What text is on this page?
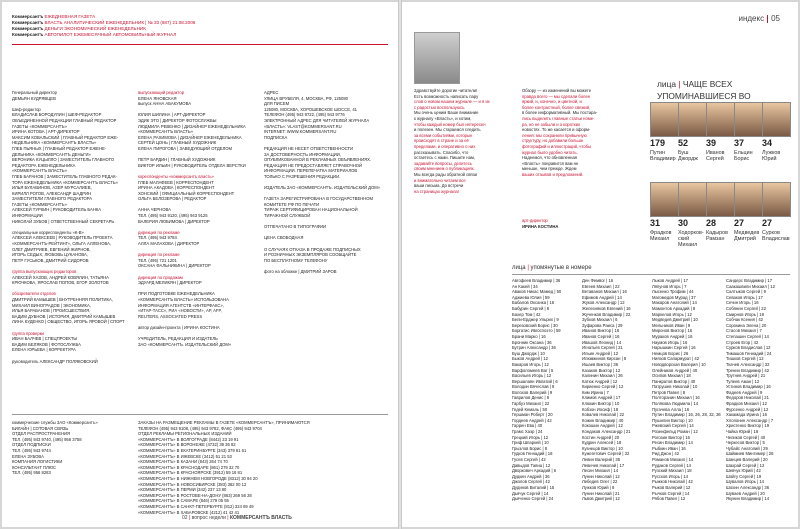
Коммерсантъ ЕЖЕДНЕВНАЯ ГАЗЕТА
Коммерсантъ ВЛАСТЬ АНАЛИТИЧЕСКИЙ ЕЖЕНЕДЕЛЬНИК | № 33 (687) 21.08.2006
Коммерсантъ ДЕНЬГИ ЭКОНОМИЧЕСКИЙ ЕЖЕНЕДЕЛЬНИК
Коммерсантъ АВТОПИЛОТ ЕЖЕМЕСЯЧНЫЙ АВТОМОБИЛЬНЫЙ ЖУРНАЛ
Генеральный директор
ДЕМЬЯН КУДРЯВЦЕВ

Шеф-редактор
ВЛАДИСЛАВ БОРОДУЛИН | ШЕФ-РЕДАКТОР
ОБЪЕДИНЕННОЙ РЕДАКЦИИ ГЛАВНЫЙ РЕДАКТОР
ГАЗЕТЫ «КОММЕРСАНТЪ»
ИРИНА КОТОВА | АРТ-ДИРЕКТОР
МАКСИМ КОВАЛЬСКИЙ | ГЛАВНЫЙ РЕДАКТОР ЕЖЕ-
НЕДЕЛЬНИКА «КОММЕРСАНТЪ ВЛАСТЬ»
ГЛЕБ ПЬЯНЫХ | ГЛАВНЫЙ РЕДАКТОР ЕЖЕНЕ-
ДЕЛЬНИКА «КОММЕРСАНТЪ ДЕНЬГИ»
ВЕРОНИКА КУЦЫЛЛО | ЗАМЕСТИТЕЛЬ ГЛАВНОГО
РЕДАКТОРА ЕЖЕНЕДЕЛЬНИКА
«КОММЕРСАНТЪ ВЛАСТЬ»
ГЛЕБ БАРАНОВ | ЗАМЕСТИТЕЛЬ ГЛАВНОГО РЕДАК-
ТОРА ЕЖЕНЕДЕЛЬНИКА «КОММЕРСАНТЪ ВЛАСТЬ»
ИЛЬЯ БУЛАВИНОВ, АЗЕР МУРСАЛИЕВ,
КИРИЛЛ РОГОВ, АЛЕКСАНДР ШАДРИН
ЗАМЕСТИТЕЛИ ГЛАВНОГО РЕДАКТОРА
ГАЗЕТЫ «КОММЕРСАНТЪ»
АЛЕКСЕЙ ТУРКИН | РУКОВОДИТЕЛЬ БАНКА
ИНФОРМАЦИИ
НИКОЛАЙ ЗУБОВ | ОТВЕТСТВЕННЫЙ СЕКРЕТАРЬ

специальные корреспонденты «К-В»
АЛЕКСЕЙ АЛЕКСЕЕВ | РУКОВОДИТЕЛЬ ПРОЕКТА
«КОММЕРСАНТЪ-РЕЙТИНГ», ОЛЬГА АЛЛЕНОВА,
ОЛЕГ ДМИТРИЕВ, ЕВГЕНИЙ ЖИРНОВ,
ИГОРЬ СЕДЫХ, ЛЮБОВЬ ЦУКАНОВА,
ПЕТР ГУСЬКОВ, ДМИТРИЙ СИДОРОВ

группа выпускающих редакторов
АЛЕКСЕЙ ХАЗОВ, АНДРЕЙ КОВЯЛИН, ТАТЬЯНА
КРЮЧКОВА, ЯРОСЛАВ ПОПОВ, ЕГОР ЗОЛОТОВ

обозреватели отделов
ДМИТРИЙ КАМЫШЕВ | ВНУТРЕННЯЯ ПОЛИТИКА,
МИХАИЛ ВИНОГРАДОВ | ЭКОНОМИКА,
ИЛЬЯ БАРАБАНОВ | ПРОИСШЕСТВИЯ,
ВАДИМ ДУБНОВ | ИСТОРИЯ, ДМИТРИЙ КАМЫШЕВ
ЛИНА КУДЕНКО | ОБЩЕСТВО, ИГОРЬ ЯРОВОЙ | СПОРТ

группа проверки
ИВАН БАЛЧЕВ | СПЕЦПРОЕКТЫ
ВАДИМ БЕЛЯКОВ | ФОТОСЛУЖБА
ЕЛЕНА ЮРЬЕВА | КОРРЕКТУРА

руководитель АЛЕКСАНДР ПОЛЯКОВСКИЙ
выпускающий редактор
ЕЛЕНА ЯНОВСКАЯ
выпуск АННА АБАКУМОВА

ЮЛИЯ ШИЛИНА | АРТ-ДИРЕКТОР
ЭДИК ЭТО | ДИРЕКТОР ФОТОСЛУЖБЫ
ЛЮДМИЛА РЕВЕНКО | ДИЗАЙНЕР ЕЖЕНЕДЕЛЬНИКА
«КОММЕРСАНТЪ ВЛАСТЬ»
ЕЛЕНА РАХИМОВА | ДИЗАЙНЕР ЕЖЕНЕДЕЛЬНИКА
СЕРГЕЙ ЦОНЬ | ГЛАВНЫЙ ХУДОЖНИК
ЕЛЕНА ПИРОГОВА | ЗАВЕДУЮЩИЙ ОТДЕЛОМ

ПЕТР БАРДИН | ГЛАВНЫЙ ХУДОЖНИК
ВИКТОР ИЛЬИН | РУКОВОДИТЕЛЬ ОТДЕЛА ВЕРСТКИ

кореспонденты «коммерсантъ власть»
ГЛЕБ МАЛАФЕЕВ | КОРРЕСПОНДЕНТ
ИРИНА АКАДОВА | КОРРЕСПОНДЕНТ
ХОНСКИЙ | ОФИЦИАЛЬНЫЙ КОРРЕСПОНДЕНТ
ОЛЬГА БЕЛОЗЕРОВА | РЕДАКТОР

АННА ЧЕРНОВА
ТЕЛ. (495) 943 9120, (495) 943 9125
ВАЛЕРИЯ ЛЮБИМОВА | ДИРЕКТОР

дирекция по рекламе
ТЕЛ. (495) 943 9784
АЛЛА МАЛАХОВА | ДИРЕКТОР

дирекция по рекламе
ТЕЛ. (495) 721 1201
ОКСАНА ФАЛЬНИКИНА | ДИРЕКТОР

дирекция по продажам
ЭДУАРД МЕЛИКЯН | ДИРЕКТОР

ПРИ ПОДГОТОВКЕ ЕЖЕНЕДЕЛЬНИКА
«КОММЕРСАНТЪ ВЛАСТЬ» ИСПОЛЬЗОВАНА
ИНФОРМАЦИЯ АГЕНТСТВ «ИНТЕРФАКС»,
«ИТАР-ТАСС», РИА «НОВОСТИ», AP, AFP,
REUTERS, ASSOCIATED PRESS

автор дизайн-проекта | ИРИНА КОСТИНА

УЧРЕДИТЕЛЬ, РЕДАКЦИЯ И ИЗДАТЕЛЬ
ЗАО «КОММЕРСАНТЪ. ИЗДАТЕЛЬСКИЙ ДОМ»
АДРЕС
УЛИЦА ВРУБЕЛЯ, 4, МОСКВА, РФ, 125080
ДЛЯ ПИСЕМ
125080, МОСКВА, ХОРОШЕВСКОЕ ШОССЕ, 41
ТЕЛЕФОН (495) 943 9722, (495) 943 9776
ЭЛЕКТРОННЫЙ АДРЕС ДЛЯ ЧИТАТЕЛЕЙ ЖУРНАЛА
«ВЛАСТЬ»: VLAST@KOMMERSANT.RU
INTERNET: WWW.KOMMERSANT.RU
ПОДПИСКА

РЕДАКЦИЯ НЕ НЕСЕТ ОТВЕТСТВЕННОСТИ
ЗА ДОСТОВЕРНОСТЬ ИНФОРМАЦИИ,
ОПУБЛИКОВАННОЙ В РЕКЛАМНЫХ ОБЪЯВЛЕНИЯХ.
РЕДАКЦИЯ НЕ ПРЕДОСТАВЛЯЕТ СПРАВОЧНОЙ
ИНФОРМАЦИИ. ПЕРЕПЕЧАТКА МАТЕРИАЛОВ
ТОЛЬКО С РАЗРЕШЕНИЯ РЕДАКЦИИ.

ИЗДАТЕЛЬ ЗАО «КОММЕРСАНТЪ. ИЗДАТЕЛЬСКИЙ ДОМ»

ГАЗЕТА ЗАРЕГИСТРИРОВАНА В ГОСУДАРСТВЕННОМ
КОМИТЕТЕ РФ ПО ПЕЧАТИ
ТИРАЖ СЕРТИФИЦИРОВАН НАЦИОНАЛЬНОЙ
ТИРАЖНОЙ СЛУЖБОЙ

ОТПЕЧАТАНО В ТИПОГРАФИИ

ЦЕНА СВОБОДНАЯ

О СЛУЧАЯХ ОТКАЗА В ПРОДАЖЕ ПОДПИСНЫХ
И РОЗНИЧНЫХ ЭКЗЕМПЛЯРОВ СООБЩАЙТЕ
ПО БЕСПЛАТНОМУ ТЕЛЕФОНУ

фото на обложке | ДМИТРИЙ ЗАРОВ
коммерческие службы ЗАО «Коммерсантъ»
БИЛАЙН | СОТОВАЯ СВЯЗЬ
ОТДЕЛ РАСПРОСТРАНЕНИЯ
ТЕЛ. (495) 943 9740, (495) 956 3758
ОТДЕЛ ПОДПИСКИ
ТЕЛ. (495) 943 9744
ЕЛЕНА ЗУБОВА
КОМПАНИЯ ЛОГИСТИКИ
КОНСУЛЬТАНТ ПЛЮС
ТЕЛ. (495) 956 8283
ЗАКАЗЫ НА РАЗМЕЩЕНИЕ РЕКЛАМЫ В ГАЗЕТЕ «КОММЕРСАНТЪ», ПРИНИМАЮТСЯ
ТЕЛЕФОН (495) 943 9108, (495) 943 9782, ФАКС (495) 943 9704
ОТДЕЛ РЕКЛАМЫ РЕГИОНАЛЬНЫХ ИЗДАНИЙ
«КОММЕРСАНТЪ» В ВОЛГОГРАДЕ (8442) 23 19 91
«КОММЕРСАНТЪ» В ВОРОНЕЖЕ (4732) 39 36 82
«КОММЕРСАНТЪ» В ЕКАТЕРИНБУРГЕ (343) 379 61 61
«КОММЕРСАНТЪ» В ИЖЕВСКЕ (3412) 51 21 53
«КОММЕРСАНТЪ» В КАЗАНИ (843) 264 74 70
«КОММЕРСАНТЪ» В КРАСНОДАРЕ (861) 279 32 70
«КОММЕРСАНТЪ» В КРАСНОЯРСКЕ (3912) 59 16 81
«КОММЕРСАНТЪ» В НИЖНЕМ НОВГОРОДЕ (8312) 30 94 20
«КОММЕРСАНТЪ» В НОВОСИБИРСКЕ (383) 362 00 12
«КОММЕРСАНТЪ» В ПЕРМИ (342) 237 13 80
«КОММЕРСАНТЪ» В РОСТОВЕ-НА-ДОНУ (863) 269 56 28
«КОММЕРСАНТЪ» В САМАРЕ (846) 279 05 55
«КОММЕРСАНТЪ» В САНКТ-ПЕТЕРБУРГЕ (812) 324 69 49
«КОММЕРСАНТЪ» В ХАБАРОВСКЕ (4212) 41 42 41
02 | вопрос недели | КОММЕРСАНТЪ ВЛАСТЬ
индекс 05
Здравствуйте дорогие читатели!
Есть возможность написать пару
слов о новом нашем журнале — и я их
с радостью воспользуюсь.
Мы очень ценим Ваше внимание
к журналу «Власть», и хотим,
чтобы каждый номер был интересен
и полезен. Мы стараемся следить
за всеми событиями, которые
происходят в стране и за её
пределами, и оперативно о них
рассказывать. Спасибо, что
остаетесь с нами. Пишите нам,
задавайте вопросы, делитесь
своим мнением о публикациях.
Мы всегда рады обратной связи
и внимательно читаем все
ваши письма. До встречи
на страницах журнала!
Обзору — из изменений вы можете
правда всего — мы сделали более
яркий, и, конечно, и цветной, и
более контрастный, более свежий,
в более информативный. Мы постара-
лись выделить главные статьи номе-
ра, но не забыли и о коротких
новостях. То же касается и оформ-
ления: мы сохранили привычную
структуру, но добавили больше
фотографий и иллюстраций, чтобы
журнал было удобно читать.
Надеемся, что обновленная
«Власть» понравится вам не
меньше, чем прежде. Ждем
ваших отзывов и предложений.
арт-директор
ИРИНА КОСТИНА
лица | ЧАЩЕ ВСЕХ УПОМИНАВШИЕСЯ ВО
179
Путин Владимир
52
Буш Джордж
39
Иванов Сергей
37
Ельцин Борис
34
Лужков Юрий
31
Фрадков Михаил
30
Ходорков-ский Михаил
28
Кадыров Рамзан
27
Медведев Дмитрий
27
Сурков Владислав
лица | упомянутые в номере
Авгофеев Владимир | 36
Ан Какей | 34
Аваков Никас Мамед | 50
Аджиева Юлия | 59
Бабалов Оксанка | 16
Бабурин Сергей | 8
Бахер Том | 42
Бели-Ерджер Ульрих | 9
Березовский Борис | 30
Боргатис Ивгоспоэто | 59
Брани Марко | 16
Бронник Оксана | 36
Бутрин Александр | 36
Буш Джордж | 10
Быков Андрей | 12
Вакаров Игорь | 12
Варфоломеев Ваг | 5
Васильев Игорь | 12
Вершалаян Ивпатий | 6
Володин Вячеслав | 8
Волохов Валерий | 9
Гаврилов Денис | 8
Гарбуз Михаил | 22
Гедей Кемаль | 50
Гершман Роберт | 20
Гордеев Андрей | 42
Гаррен Ева | 40
Грамс Хаэр | 24
Грецкий Игорь | 12
Гриф Шпаркей | 10
Грызлов Борис | 8
Гудков Геннадий | 18
Гусев Сергей | 42
Давыдов Тавна | 12
Дворкович Аркадий | 6
Дудкин Андрей | 36
Джолов Сергей | 42
Дудинов Виталий | 15
Дьячук Сергей | 14
Дьяченко Сергей | 24
Ден Фемвог | 16
Евгеев Михаил | 22
Ветаванов Михаил | 16
Ефимов Андрей | 14
Жуков Александр | 12
Железняков Евгений | 16
Жученков Владимир | 22
Зубков Михаил | 6
Зуфарова Раиса | 29
Иванов Виктор | 16
Иванов Сергей | 16
Ивашов Леонид | 14
Игнатьев Сергей | 21
Ильин Андрей | 12
Илюмжинов Кирсан | 8
Ишаев Виктор | 36
Казаков Виктор | 12
Калинин Михаил | 26
Катюк Андрей | 12
Кириенко Сергей | 12
Ким Ирина | 7
Климов Андрей | 17
Клюкин Виктор | 10
Кобзон Иосиф | 18
Ковалев Николай | 22
Кожин Владимир | 40
Кокошин Андрей | 12
Кондаков Александр | 21
Костин Андрей | 20
Кудрин Алексей | 18
Кузнецов Виктор | 10
Кужегетович Сергей | 32
Левин Валерий | 35
Левичев Николай | 17
Лесин Михаил | 14
Лунин Николай | 12
Лебедев Олег | 22
Лужков Юрий | 8
Лунин Николай | 21
Львов Дмитрий | 12
Лыков Андрей | 17
Ляпунов Игорь | 7
Лысенко Трофим | 44
Магомедов Мурад | 37
Макаров Анатолий | 14
Мамонтов Аркадий | 8
Маркелов Игорь | 12
Медведев Дмитрий | 10
Мельников Иван | 9
Миронов Виктор | 16
Мураков Андрей | 16
Наумов Игорь | 16
Нарышкин Сергей | 16
Немцов Борис | 26
Ниязов Сапармурат | 42
Новодворская Валерия | 10
Олейников Андрей | 40
Осипов Михаил | 18
Панкратов Виктор | 40
Патрушев Николай | 10
Петров Павел | 8
Полторанин Михаил | 16
Полякова Людмила | 14
Пугачева Алла | 16
Путин Владимир | 16, 26, 28, 32, 36
Пушилин Виктор | 10
Ржевский Сергей | 14
Розенфельд Роман | 12
Рогозин Виктор | 16
Ресин Владимир | 14
Рыбкин Иван | 16
Рид Джон | 42
Романов Михаил | 14
Рудаков Сергей | 14
Рузский Михаил | 18
Руссков Игорь | 14
Рыжков Николай | 42
Рыков Валерий | 12
Рычков Сергей | 14
Рябов Павел | 12
Сандерс Владимир | 17
Саакашвили Михаил | 12
Салтыков Сергей | 9
Севаков Игорь | 17
Сечин Игорь | 16
Собянин Сергей | 22
Смирнов Игорь | 19
Собчак Ксения | 42
Сорокина Элена | 20
Стасов Михаил | 7
Степашин Сергей | 14
Строев Егор | 42
Сурков Владислав | 12
Тимашов Геннадий | 24
Тишков Сергей | 12
Ткачев Александр | 32
Тренин Владимир | 42
Трутнев Андрей | 21
Тулеев Аман | 12
Устинов Владимир | 16
Фадеев Андрей | 9
Федоров Николай | 21
Фрадков Михаил | 12
Фурсенко Андрей | 12
Хакамада Ирина | 16
Хлопонин Александр | 7
Христенко Виктор | 19
Чайка Юрий | 16
Челиков Сергей | 40
Черкесов Виктор | 5
Чубайс Анатолий | 29
Шаймиев Минтимер | 26
Шанцев Валерий | 20
Шахрай Сергей | 12
Шевчук Юрий | 42
Шойгу Сергей | 19
Шувалов Игорь | 14
Шохин Александр | 36
Шуваев Андрей | 20
Якунин Владимир | 14
